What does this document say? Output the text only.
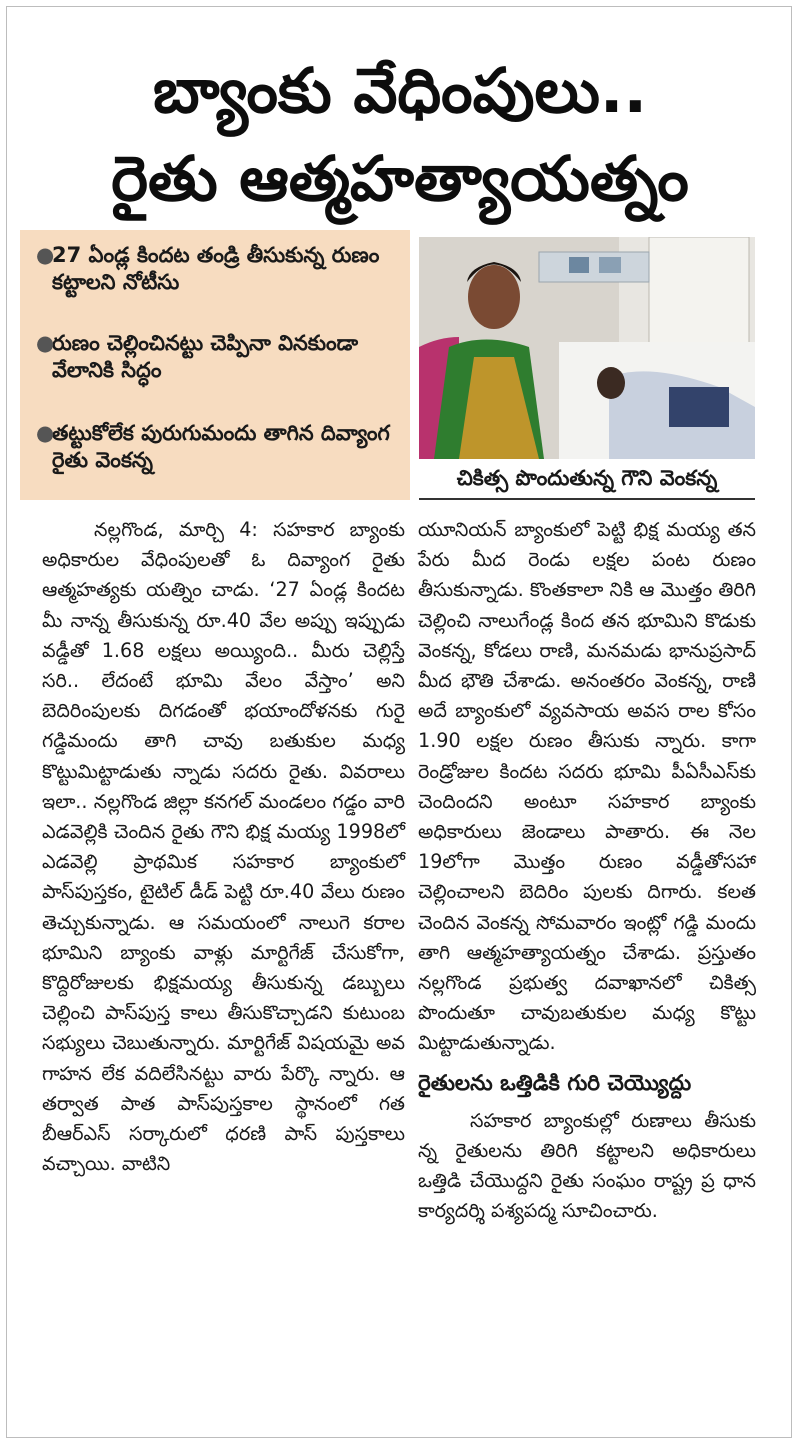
బ్యాంకు వేధింపులు..
రైతు ఆత్మహత్యాయత్నం
●
27 ఏండ్ల కిందట తండ్రి తీసుకున్న రుణం కట్టాలని నోటీసు
●
రుణం చెల్లించినట్టు చెప్పినా వినకుండా వేలానికి సిద్ధం
●
తట్టుకోలేక పురుగుమందు తాగిన దివ్యాంగ రైతు వెంకన్న
చికిత్స పొందుతున్న గౌని వెంకన్న
నల్లగొండ, మార్చి 4: సహకార బ్యాంకు అధికారుల వేధింపులతో ఓ దివ్యాంగ రైతు ఆత్మహత్యకు యత్నిం చాడు. ‘27 ఏండ్ల కిందట మీ నాన్న తీసుకున్న రూ.40 వేల అప్పు ఇప్పుడు వడ్డీతో 1.68 లక్షలు అయ్యింది.. మీరు చెల్లిస్తే సరి.. లేదంటే భూమి వేలం వేస్తాం’ అని బెదిరింపులకు దిగడంతో భయాందోళనకు గురై గడ్డిమందు తాగి చావు బతుకుల మధ్య కొట్టుమిట్టాడుతు న్నాడు సదరు రైతు. వివరాలు ఇలా.. నల్లగొండ జిల్లా కనగల్ మండలం గడ్డం వారి ఎడవెల్లికి చెందిన రైతు గౌని భిక్ష మయ్య 1998లో ఎడవెల్లి ప్రాథమిక సహకార బ్యాంకులో పాస్‌పుస్తకం, టైటిల్ డీడ్ పెట్టి రూ.40 వేలు రుణం తెచ్చుకున్నాడు. ఆ సమయంలో నాలుగె కరాల భూమిని బ్యాంకు వాళ్లు మార్టిగేజ్ చేసుకోగా, కొద్దిరోజులకు భిక్షమయ్య తీసుకున్న డబ్బులు చెల్లించి పాస్‌పుస్త కాలు తీసుకొచ్చాడని కుటుంబ సభ్యులు చెబుతున్నారు. మార్టిగేజ్ విషయమై అవ గాహన లేక వదిలేసినట్టు వారు పేర్కొ న్నారు. ఆ తర్వాత పాత పాస్‌పుస్తకాల స్థానంలో గత బీఆర్‌ఎస్ సర్కారులో ధరణి పాస్ పుస్తకాలు వచ్చాయి. వాటిని
యూనియన్ బ్యాంకులో పెట్టి భిక్ష మయ్య తన పేరు మీద రెండు లక్షల పంట రుణం తీసుకున్నాడు. కొంతకాలా నికి ఆ మొత్తం తిరిగి చెల్లించి నాలుగేండ్ల కింద తన భూమిని కొడుకు వెంకన్న, కోడలు రాణి, మనమడు భానుప్రసాద్ మీద భౌతి చేశాడు. అనంతరం వెంకన్న, రాణి అదే బ్యాంకులో వ్యవసాయ అవస రాల కోసం 1.90 లక్షల రుణం తీసుకు న్నారు. కాగా రెండ్రోజుల కిందట సదరు భూమి పీఏసీఎస్‌కు చెందిందని అంటూ సహకార బ్యాంకు అధికారులు జెండాలు పాతారు. ఈ నెల 19లోగా మొత్తం రుణం వడ్డీతోసహా చెల్లించాలని బెదిరిం పులకు దిగారు. కలత చెందిన వెంకన్న సోమవారం ఇంట్లో గడ్డి మందు తాగి ఆత్మహత్యాయత్నం చేశాడు. ప్రస్తుతం నల్లగొండ ప్రభుత్వ దవాఖానలో చికిత్స పొందుతూ చావుబతుకుల మధ్య కొట్టు మిట్టాడుతున్నాడు.
రైతులను ఒత్తిడికి గురి చెయ్యొద్దు
సహకార బ్యాంకుల్లో రుణాలు తీసుకు న్న రైతులను తిరిగి కట్టాలని అధికారులు ఒత్తిడి చేయొద్దని రైతు సంఘం రాష్ట్ర ప్ర ధాన కార్యదర్శి పశ్యపద్మ సూచించారు.
